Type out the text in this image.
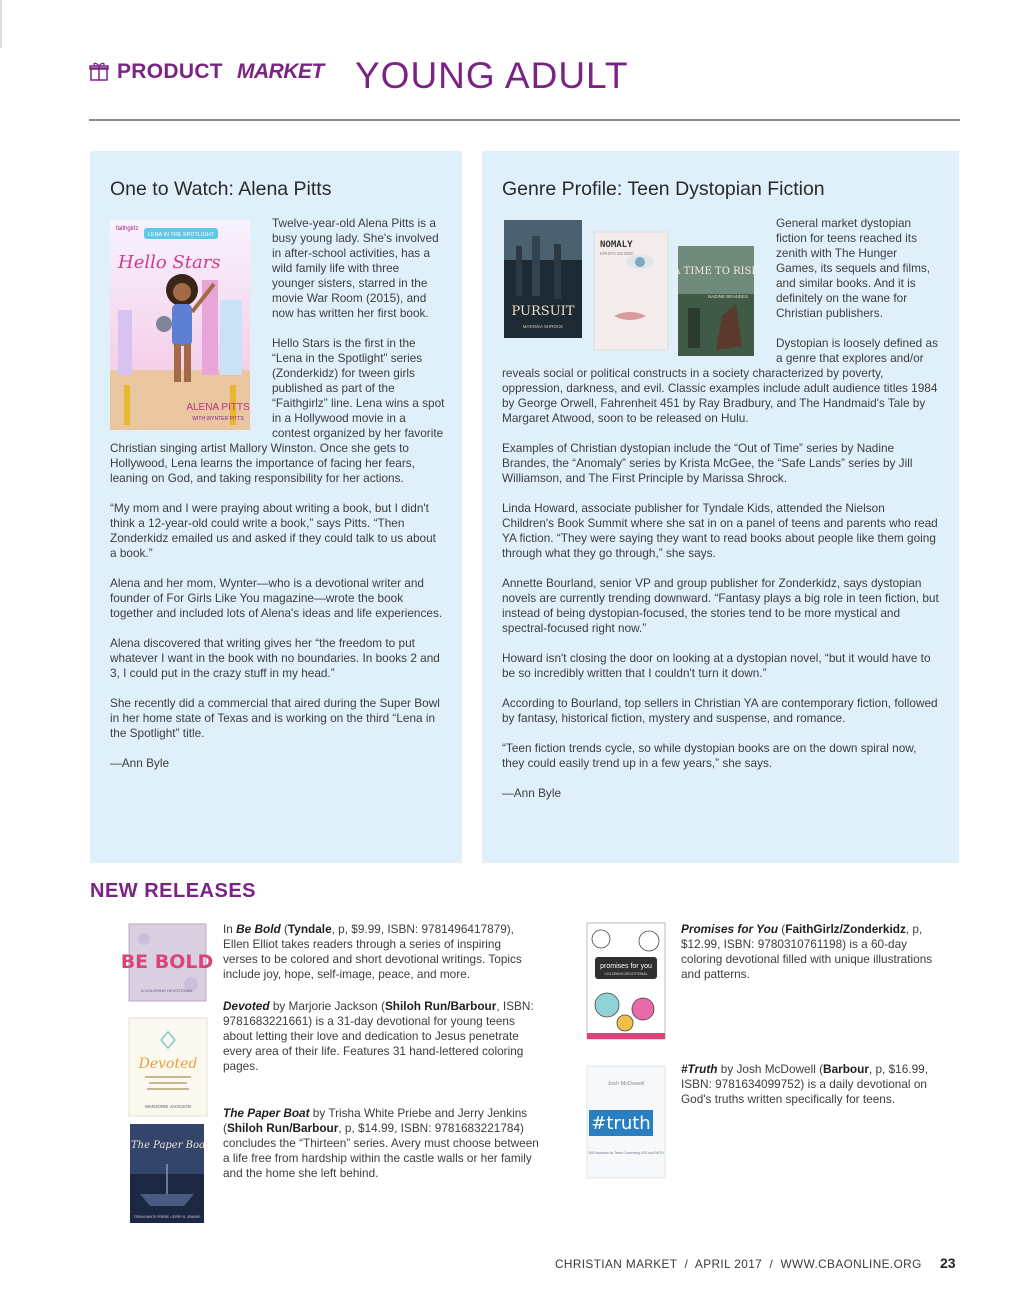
PRODUCT MARKET YOUNG ADULT
One to Watch: Alena Pitts
LENA IN THE SPOTLIGHT
faithgirlz
Hello Stars
ALENA PITTS
WITH WYNTER PITTS

Twelve-year-old Alena Pitts is a busy young lady. She's involved in after-school activities, has a wild family life with three younger sisters, starred in the movie War Room (2015), and now has written her first book.

Hello Stars is the first in the “Lena in the Spotlight” series (Zonderkidz) for tween girls published as part of the “Faithgirlz” line. Lena wins a spot in a Hollywood movie in a contest organized by her favorite Christian singing artist Mallory Winston. Once she gets to Hollywood, Lena learns the importance of facing her fears, leaning on God, and taking responsibility for her actions.

“My mom and I were praying about writing a book, but I didn't think a 12-year-old could write a book,” says Pitts. “Then Zonderkidz emailed us and asked if they could talk to us about a book.”

Alena and her mom, Wynter—who is a devotional writer and founder of For Girls Like You magazine—wrote the book together and included lots of Alena's ideas and life experiences.

Alena discovered that writing gives her “the freedom to put whatever I want in the book with no boundaries. In books 2 and 3, I could put in the crazy stuff in my head.”

She recently did a commercial that aired during the Super Bowl in her home state of Texas and is working on the third “Lena in the Spotlight” title.

—Ann Byle

Genre Profile: Teen Dystopian Fiction
PURSUIT
MARISSA SHROCK
NOMALY
KRISTA MCGEE
A TIME TO RISE
NADINE BRANDES

General market dystopian fiction for teens reached its zenith with The Hunger Games, its sequels and films, and similar books. And it is definitely on the wane for Christian publishers.

Dystopian is loosely defined as a genre that explores and/or reveals social or political constructs in a society characterized by poverty, oppression, darkness, and evil. Classic examples include adult audience titles 1984 by George Orwell, Fahrenheit 451 by Ray Bradbury, and The Handmaid's Tale by Margaret Atwood, soon to be released on Hulu.

Examples of Christian dystopian include the “Out of Time” series by Nadine Brandes, the “Anomaly” series by Krista McGee, the “Safe Lands” series by Jill Williamson, and The First Principle by Marissa Shrock.

Linda Howard, associate publisher for Tyndale Kids, attended the Nielson Children's Book Summit where she sat in on a panel of teens and parents who read YA fiction. “They were saying they want to read books about people like them going through what they go through,” she says.

Annette Bourland, senior VP and group publisher for Zonderkidz, says dystopian novels are currently trending downward. “Fantasy plays a big role in teen fiction, but instead of being dystopian-focused, the stories tend to be more mystical and spectral-focused right now.”

Howard isn't closing the door on looking at a dystopian novel, “but it would have to be so incredibly written that I couldn't turn it down.”

According to Bourland, top sellers in Christian YA are contemporary fiction, followed by fantasy, historical fiction, mystery and suspense, and romance.

“Teen fiction trends cycle, so while dystopian books are on the down spiral now, they could easily trend up in a few years,” she says.

—Ann Byle

NEW RELEASES
BE BOLD
A COLORING DEVOTIONAL
In Be Bold (Tyndale, p, $9.99, ISBN: 9781496417879), Ellen Elliot takes readers through a series of inspiring verses to be colored and short devotional writings. Topics include joy, hope, self-image, peace, and more.
Devoted
MARJORIE JACKSON
Devoted by Marjorie Jackson (Shiloh Run/Barbour, ISBN: 9781683221661) is a 31-day devotional for young teens about letting their love and dedication to Jesus penetrate every area of their life. Features 31 hand-lettered coloring pages.
The Paper Boat
TRISHA WHITE PRIEBE • JERRY B. JENKINS
The Paper Boat by Trisha White Priebe and Jerry Jenkins (Shiloh Run/Barbour, p, $14.99, ISBN: 9781683221784) concludes the “Thirteen” series. Avery must choose between a life free from hardship within the castle walls or her family and the home she left behind.
promises for you
COLORING DEVOTIONAL
Promises for You (FaithGirlz/Zonderkidz, p, $12.99, ISBN: 9780310761198) is a 60-day coloring devotional filled with unique illustrations and patterns.
Josh McDowell
#truth
365 Devotions for Teens Connecting LIFE and FAITH
#Truth by Josh McDowell (Barbour, p, $16.99, ISBN: 9781634099752) is a daily devotional on God's truths written specifically for teens.
CHRISTIAN MARKET  /  APRIL 2017  /  WWW.CBAONLINE.ORG 23
